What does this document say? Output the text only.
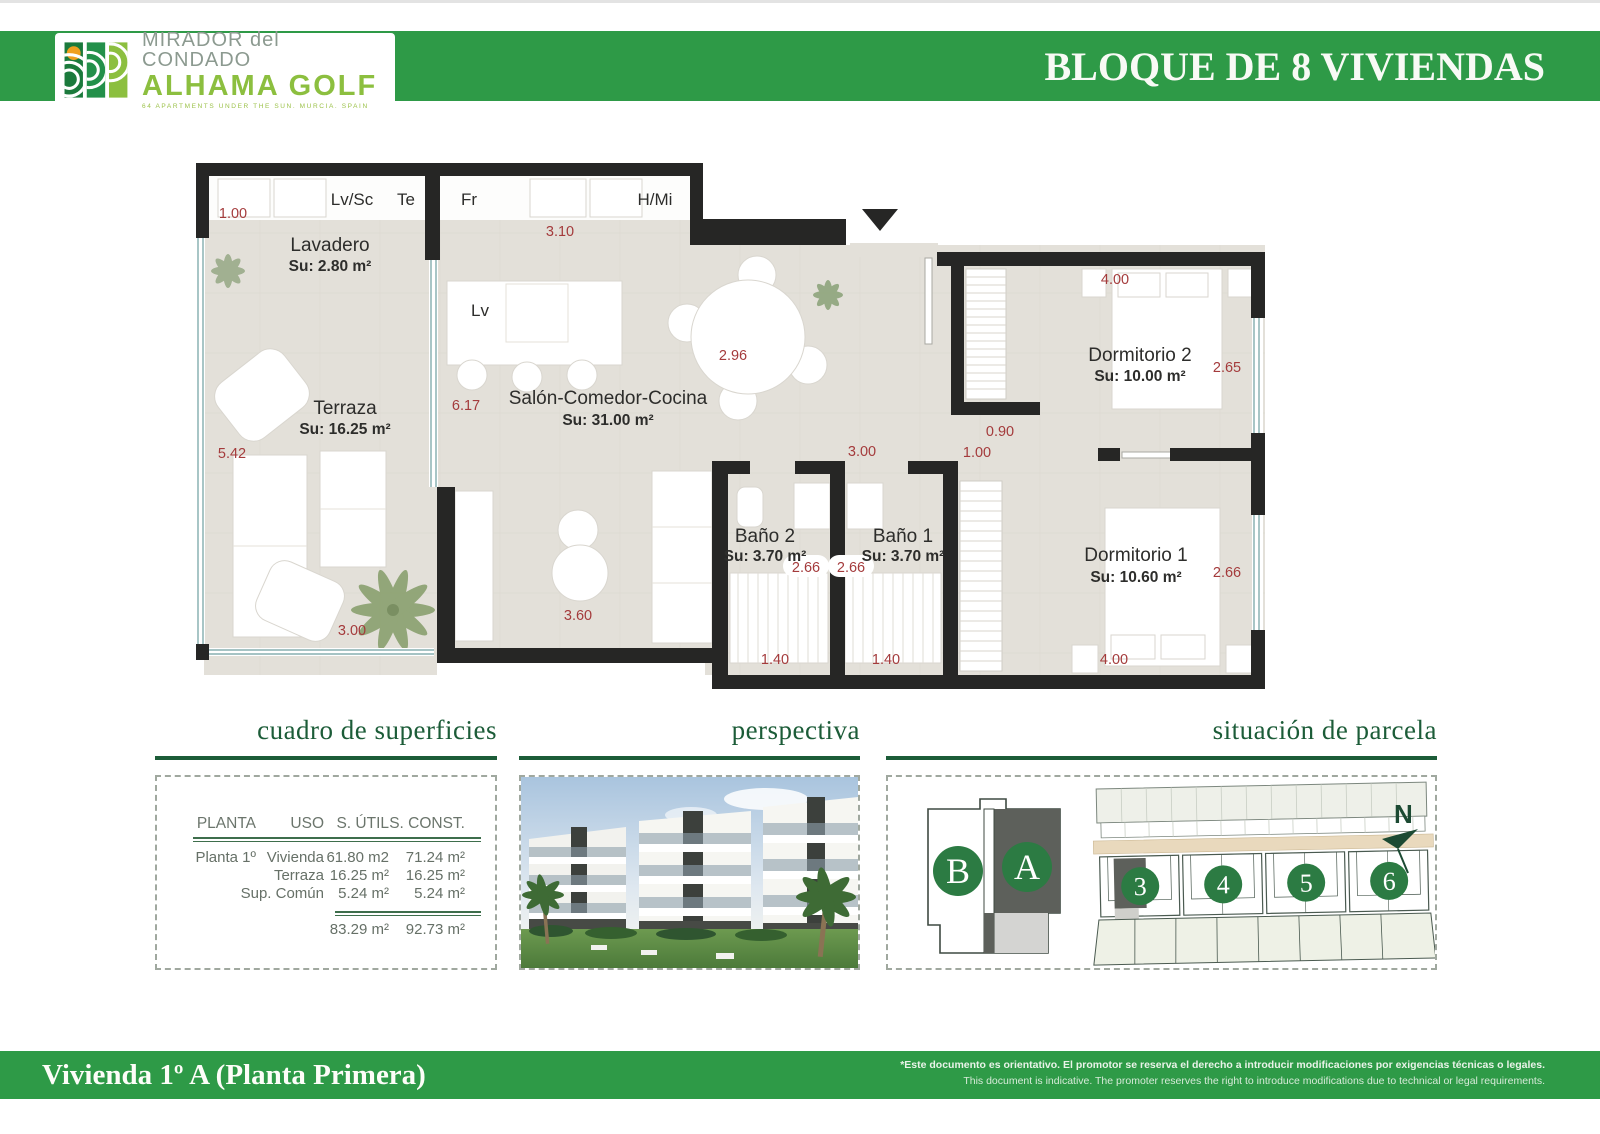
MIRADOR del CONDADO
ALHAMA GOLF
64 APARTMENTS UNDER THE SUN. MURCIA. SPAIN
BLOQUE DE 8 VIVIENDAS
Lv/Sc Te	Fr	H/Mi
Lv
Lavadero
Su: 2.80 m²
Terraza
Su: 16.25 m²
Salón-Comedor-Cocina
Su: 31.00 m²
Baño 2
Su: 3.70 m²
Baño 1
Su: 3.70 m²
Dormitorio 2
Su: 10.00 m²
Dormitorio 1
Su: 10.60 m²
1.00
3.10
2.96
4.00
2.65
6.17
5.42	3.00
0.90
1.00
2.66 2.66
1.40	1.40
2.66
4.00
3.60
3.00
cuadro de superficies
PLANTA USO S. ÚTIL S. CONST.
Planta 1º Vivienda 61.80 m2 71.24 m²
Terraza 16.25 m² 16.25 m²
Sup. Común 5.24 m² 5.24 m²
83.29 m² 92.73 m²
perspectiva	situación de parcela
B A	3	4	5	6
N
Vivienda 1º A (Planta Primera)	*Este documento es orientativo. El promotor se reserva el derecho a introducir modificaciones por exigencias técnicas o legales.
This document is indicative. The promoter reserves the right to introduce modifications due to technical or legal requirements.
